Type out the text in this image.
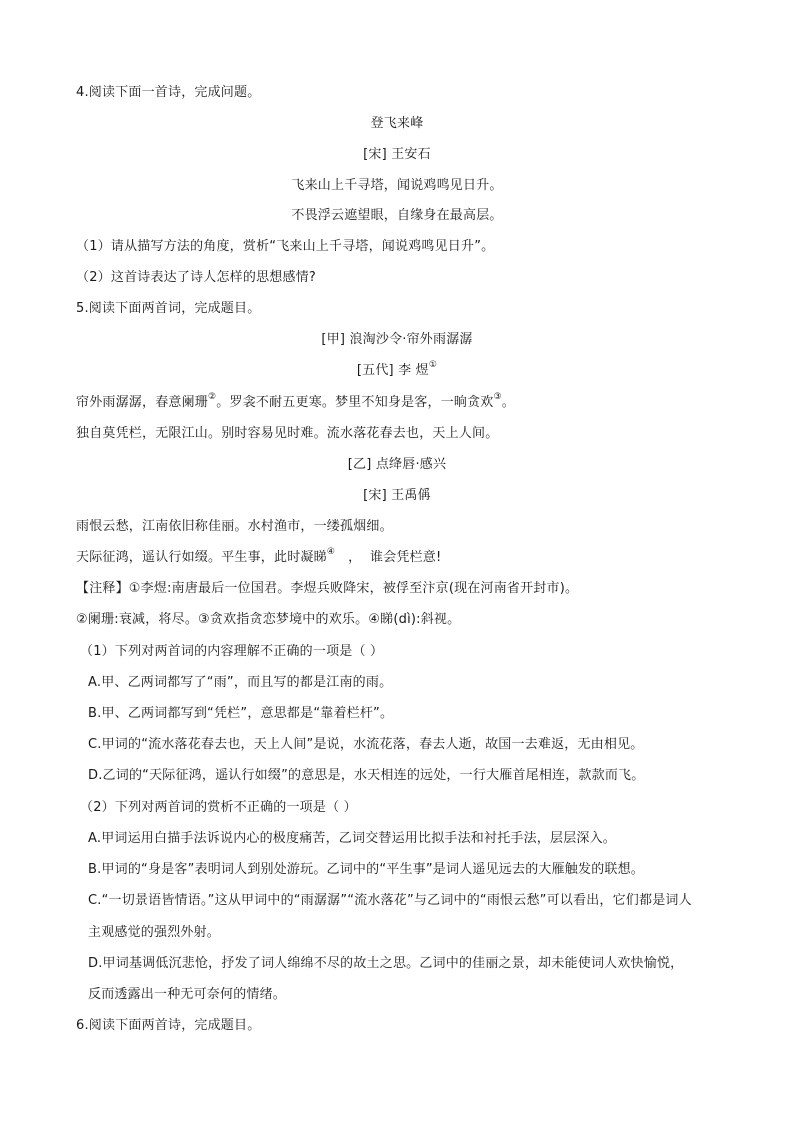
4.阅读下面一首诗，完成问题。
登飞来峰
[宋] 王安石
飞来山上千寻塔，闻说鸡鸣见日升。
不畏浮云遮望眼，自缘身在最高层。
（1）请从描写方法的角度，赏析“飞来山上千寻塔，闻说鸡鸣见日升”。
（2）这首诗表达了诗人怎样的思想感情?
5.阅读下面两首词，完成题目。
[甲] 浪淘沙令·帘外雨潺潺
[五代] 李 煜①
帘外雨潺潺，春意阑珊②。罗衾不耐五更寒。梦里不知身是客，一晌贪欢③。
独自莫凭栏，无限江山。别时容易见时难。流水落花春去也，天上人间。
[乙] 点绛唇·感兴
[宋] 王禹偁
雨恨云愁，江南依旧称佳丽。水村渔市，一缕孤烟细。
天际征鸿，遥认行如缀。平生事，此时凝睇④   ，  谁会凭栏意!
【注释】①李煜:南唐最后一位国君。李煜兵败降宋，被俘至汴京(现在河南省开封市)。
②阑珊:衰减，将尽。③贪欢指贪恋梦境中的欢乐。④睇(dì):斜视。
（1）下列对两首词的内容理解不正确的一项是（ ）
A.甲、乙两词都写了“雨”，而且写的都是江南的雨。
B.甲、乙两词都写到“凭栏”，意思都是“靠着栏杆”。
C.甲词的“流水落花春去也，天上人间”是说，水流花落，春去人逝，故国一去难返，无由相见。
D.乙词的“天际征鸿，遥认行如缀”的意思是，水天相连的远处，一行大雁首尾相连，款款而飞。
（2）下列对两首词的赏析不正确的一项是（ ）
A.甲词运用白描手法诉说内心的极度痛苦，乙词交替运用比拟手法和衬托手法，层层深入。
B.甲词的“身是客”表明词人到别处游玩。乙词中的“平生事”是词人遥见远去的大雁触发的联想。
C.“一切景语皆情语。”这从甲词中的“雨潺潺”“流水落花”与乙词中的“雨恨云愁”可以看出，它们都是词人
主观感觉的强烈外射。
D.甲词基调低沉悲怆，抒发了词人绵绵不尽的故土之思。乙词中的佳丽之景，却未能使词人欢快愉悦，
反而透露出一种无可奈何的情绪。
6.阅读下面两首诗，完成题目。
